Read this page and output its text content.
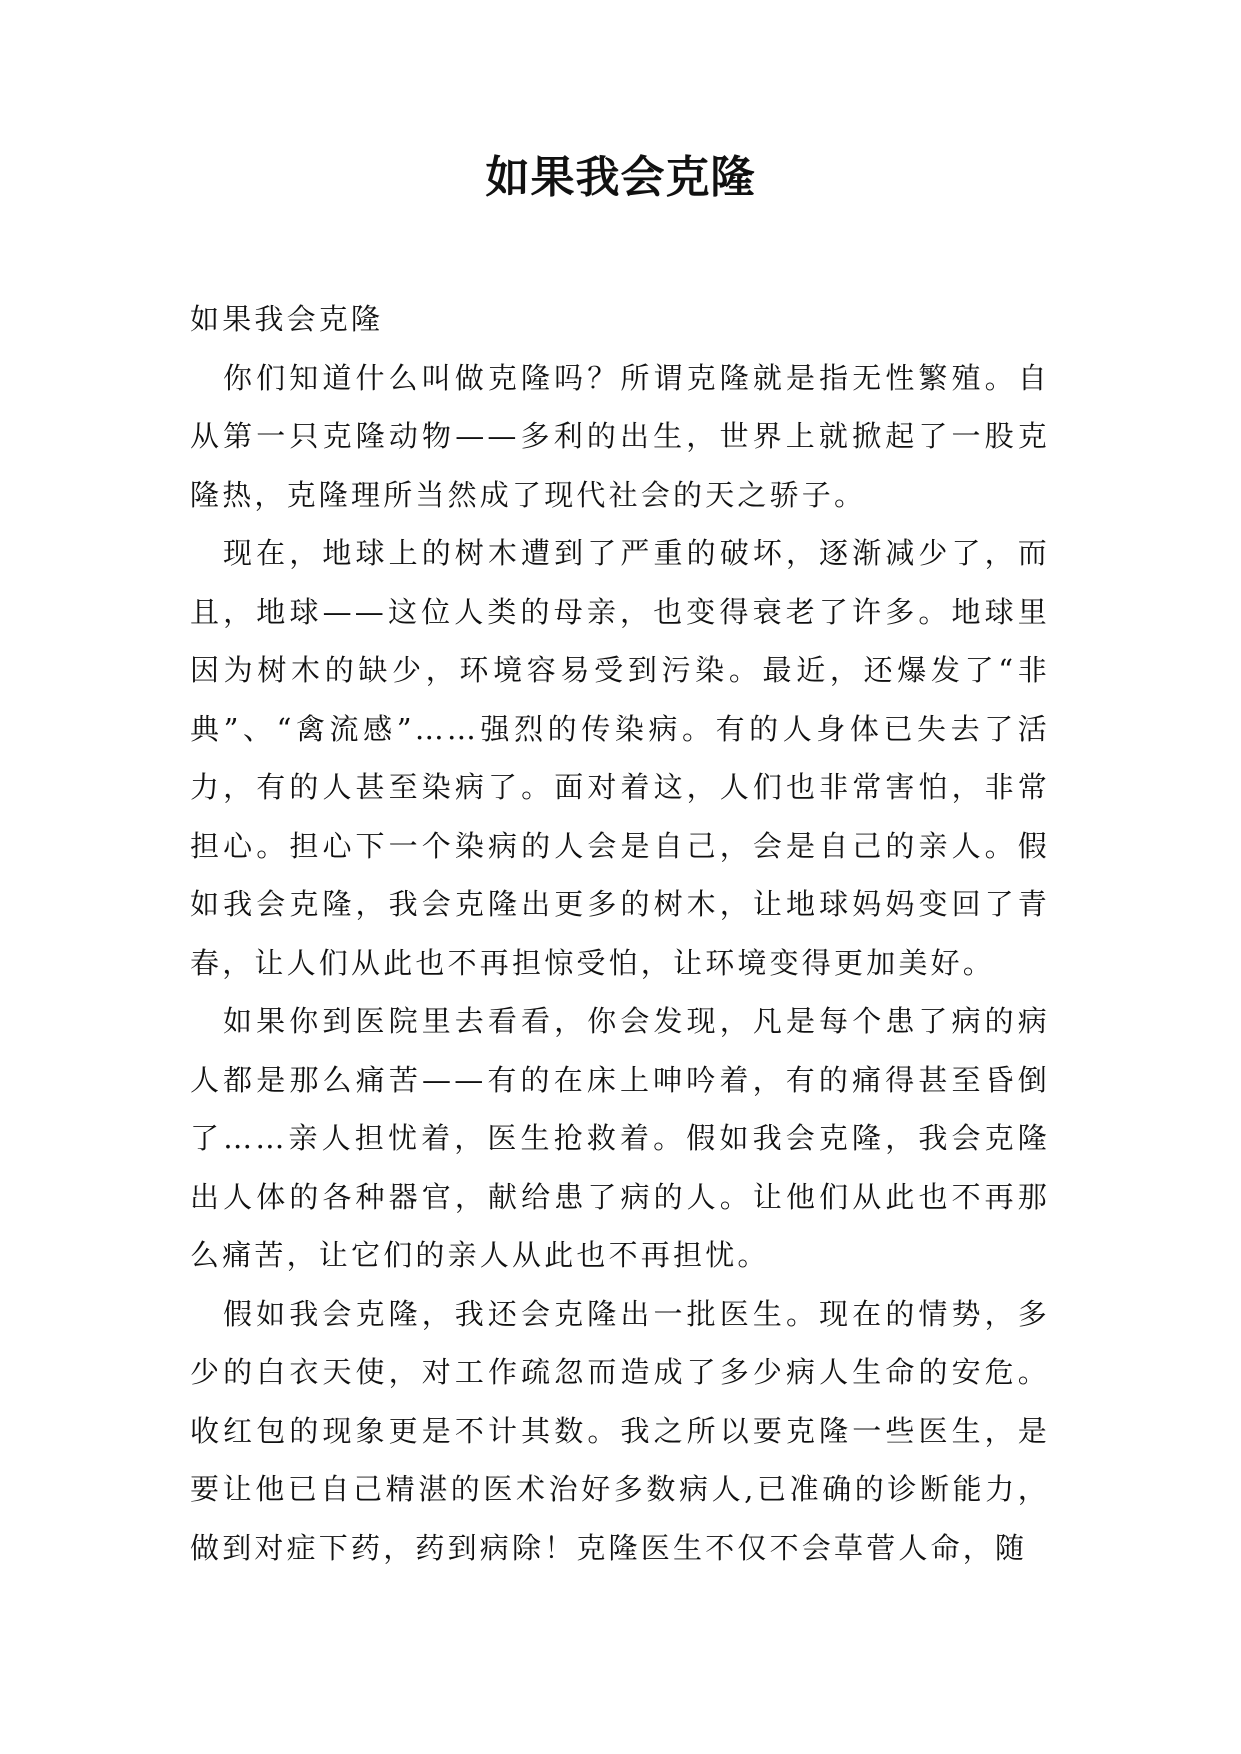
如果我会克隆

如果我会克隆

你们知道什么叫做克隆吗？所谓克隆就是指无性繁殖。自从第一只克隆动物——多利的出生，世界上就掀起了一股克隆热，克隆理所当然成了现代社会的天之骄子。

现在，地球上的树木遭到了严重的破坏，逐渐减少了，而且，地球——这位人类的母亲，也变得衰老了许多。地球里因为树木的缺少，环境容易受到污染。最近，还爆发了“非典”、“禽流感”……强烈的传染病。有的人身体已失去了活力，有的人甚至染病了。面对着这，人们也非常害怕，非常担心。担心下一个染病的人会是自己，会是自己的亲人。假如我会克隆，我会克隆出更多的树木，让地球妈妈变回了青春，让人们从此也不再担惊受怕，让环境变得更加美好。

如果你到医院里去看看，你会发现，凡是每个患了病的病人都是那么痛苦——有的在床上呻吟着，有的痛得甚至昏倒了……亲人担忧着，医生抢救着。假如我会克隆，我会克隆出人体的各种器官，献给患了病的人。让他们从此也不再那么痛苦，让它们的亲人从此也不再担忧。

假如我会克隆，我还会克隆出一批医生。现在的情势，多少的白衣天使，对工作疏忽而造成了多少病人生命的安危。收红包的现象更是不计其数。我之所以要克隆一些医生，是要让他已自己精湛的医术治好多数病人,已准确的诊断能力，做到对症下药，药到病除！克隆医生不仅不会草菅人命，随
